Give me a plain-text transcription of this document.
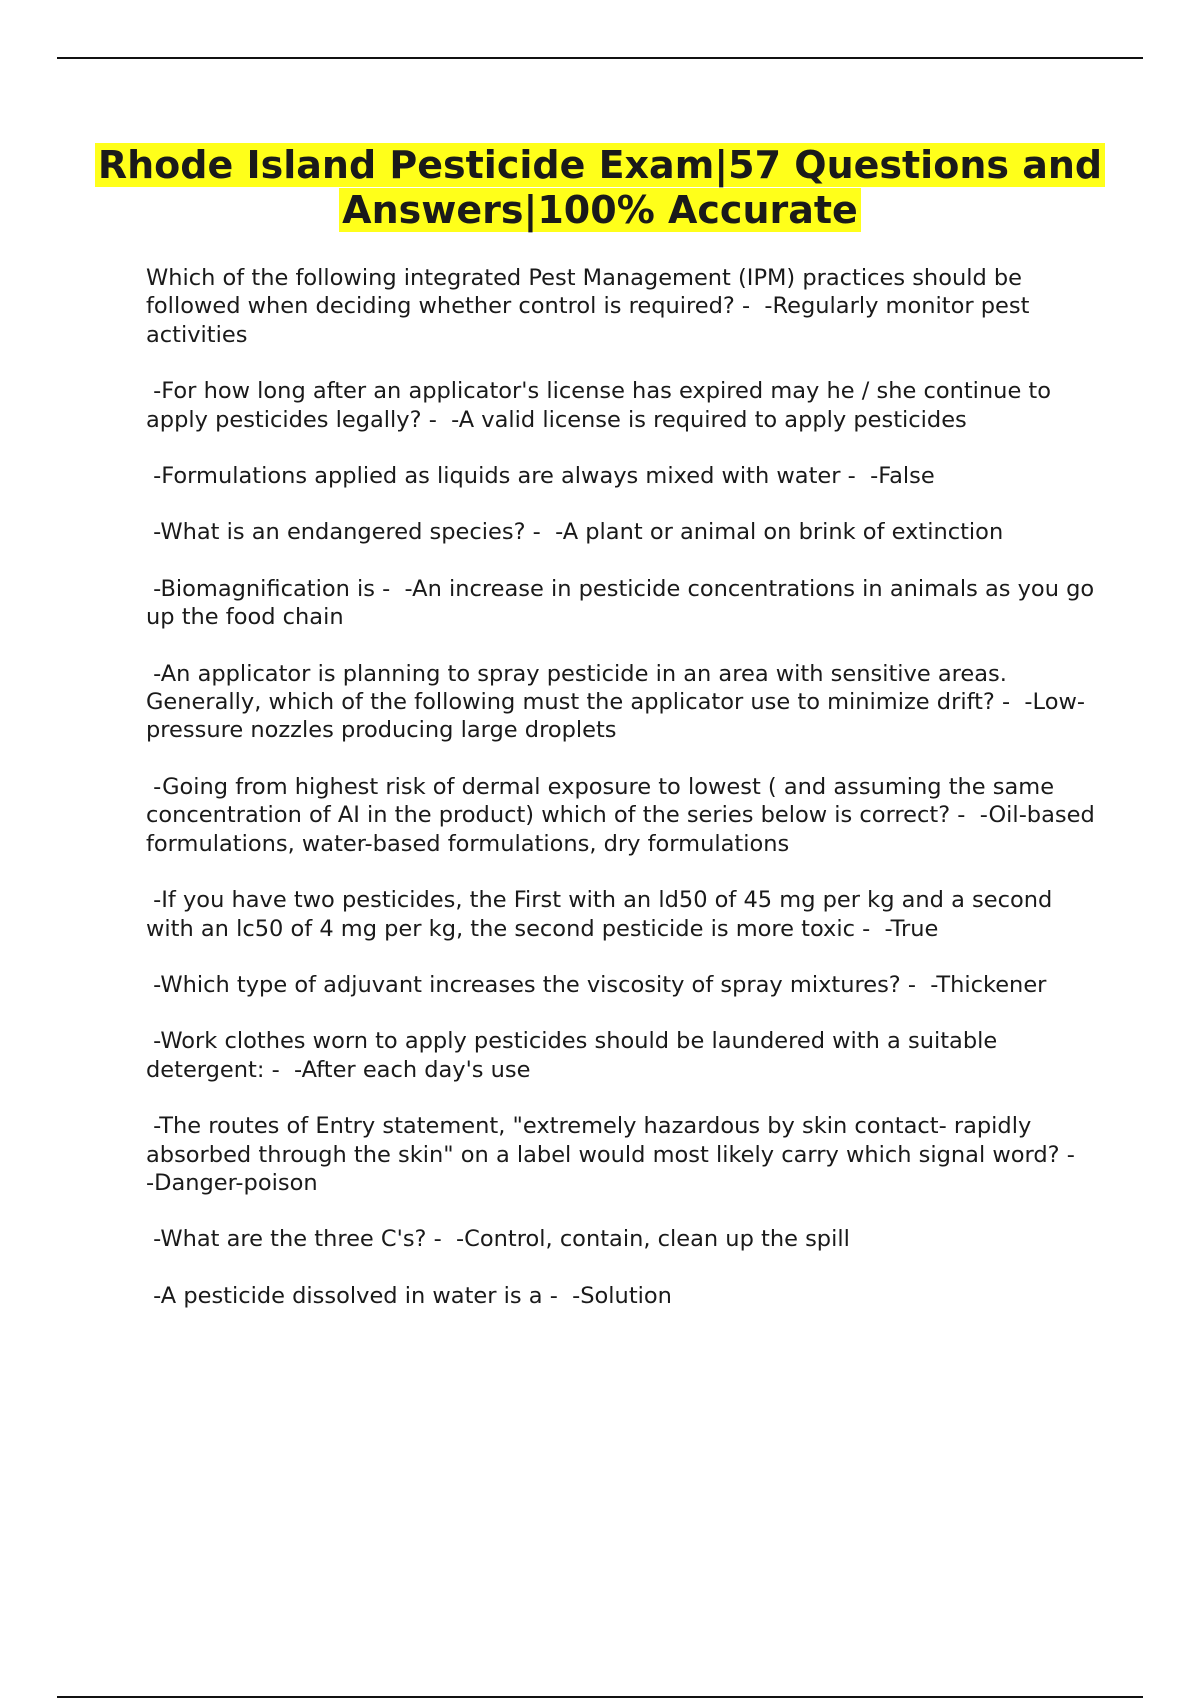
Rhode Island Pesticide Exam|57 Questions and Answers|100% Accurate
Which of the following integrated Pest Management (IPM) practices should be followed when deciding whether control is required? -  -Regularly monitor pest activities
-For how long after an applicator's license has expired may he / she continue to apply pesticides legally? -  -A valid license is required to apply pesticides
-Formulations applied as liquids are always mixed with water -  -False
-What is an endangered species? -  -A plant or animal on brink of extinction
-Biomagnification is -  -An increase in pesticide concentrations in animals as you go up the food chain
-An applicator is planning to spray pesticide in an area with sensitive areas. Generally, which of the following must the applicator use to minimize drift? -  -Low-pressure nozzles producing large droplets
-Going from highest risk of dermal exposure to lowest ( and assuming the same concentration of AI in the product) which of the series below is correct? -  -Oil-based formulations, water-based formulations, dry formulations
-If you have two pesticides, the First with an ld50 of 45 mg per kg and a second with an lc50 of 4 mg per kg, the second pesticide is more toxic -  -True
-Which type of adjuvant increases the viscosity of spray mixtures? -  -Thickener
-Work clothes worn to apply pesticides should be laundered with a suitable detergent: -  -After each day's use
-The routes of Entry statement, "extremely hazardous by skin contact- rapidly absorbed through the skin" on a label would most likely carry which signal word? -  -Danger-poison
-What are the three C's? -  -Control, contain, clean up the spill
-A pesticide dissolved in water is a -  -Solution
